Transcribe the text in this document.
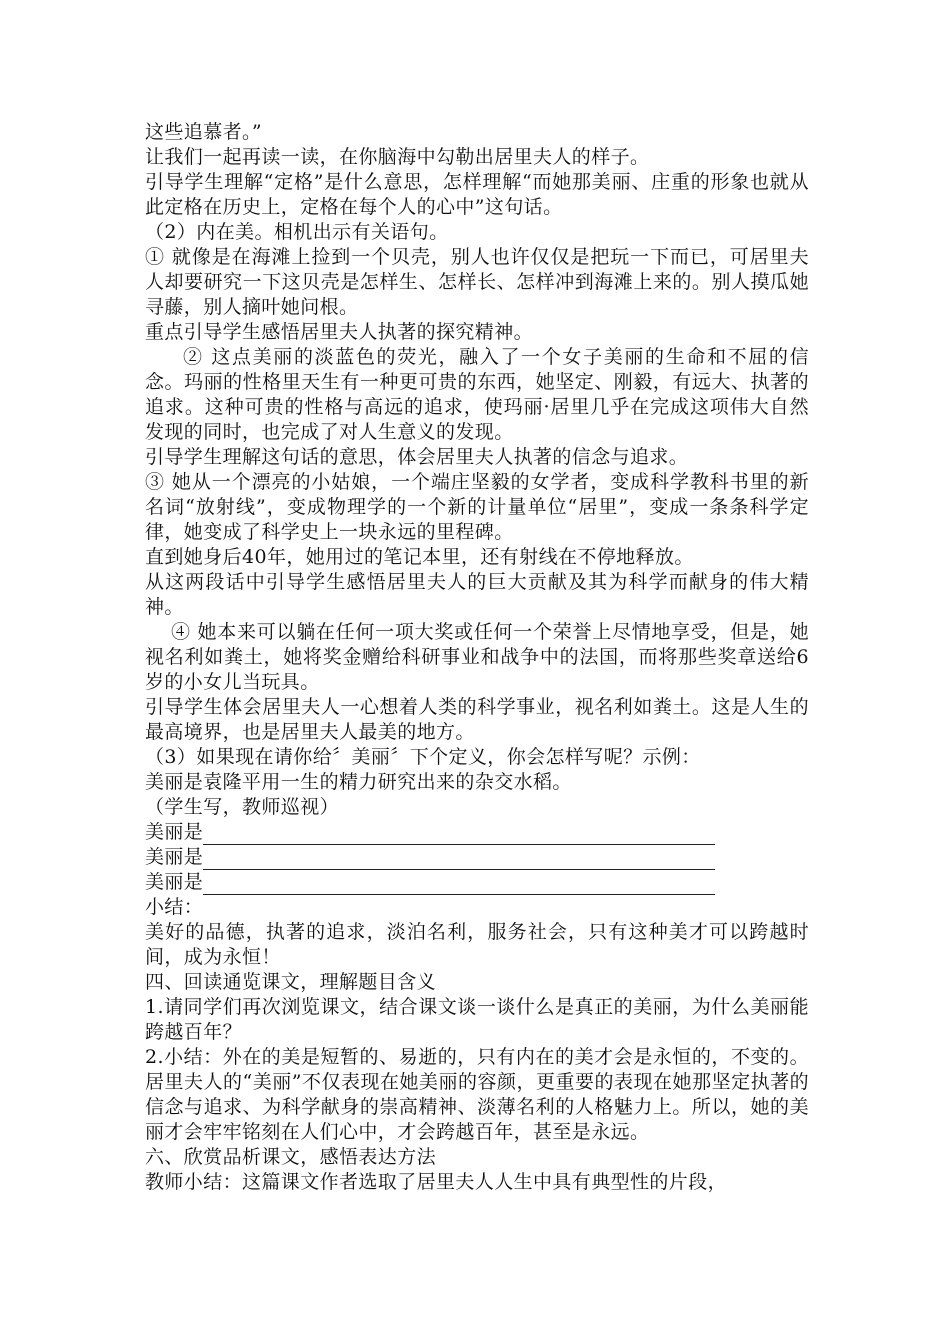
这些追慕者。”

让我们一起再读一读，在你脑海中勾勒出居里夫人的样子。

引导学生理解“定格”是什么意思，怎样理解“而她那美丽、庄重的形象也就从此定格在历史上，定格在每个人的心中”这句话。

（2）内在美。相机出示有关语句。

① 就像是在海滩上捡到一个贝壳，别人也许仅仅是把玩一下而已，可居里夫人却要研究一下这贝壳是怎样生、怎样长、怎样冲到海滩上来的。别人摸瓜她寻藤，别人摘叶她问根。

重点引导学生感悟居里夫人执著的探究精神。

② 这点美丽的淡蓝色的荧光，融入了一个女子美丽的生命和不屈的信念。玛丽的性格里天生有一种更可贵的东西，她坚定、刚毅，有远大、执著的追求。这种可贵的性格与高远的追求，使玛丽·居里几乎在完成这项伟大自然发现的同时，也完成了对人生意义的发现。

引导学生理解这句话的意思，体会居里夫人执著的信念与追求。

③ 她从一个漂亮的小姑娘，一个端庄坚毅的女学者，变成科学教科书里的新名词“放射线”，变成物理学的一个新的计量单位“居里”，变成一条条科学定律，她变成了科学史上一块永远的里程碑。

直到她身后40年，她用过的笔记本里，还有射线在不停地释放。

从这两段话中引导学生感悟居里夫人的巨大贡献及其为科学而献身的伟大精神。

④ 她本来可以躺在任何一项大奖或任何一个荣誉上尽情地享受，但是，她视名利如粪土，她将奖金赠给科研事业和战争中的法国，而将那些奖章送给6岁的小女儿当玩具。

引导学生体会居里夫人一心想着人类的科学事业，视名利如粪土。这是人生的最高境界，也是居里夫人最美的地方。

（3）如果现在请你给〞美丽〞下个定义，你会怎样写呢？示例：

美丽是袁隆平用一生的精力研究出来的杂交水稻。

（学生写，教师巡视）

美丽是
美丽是
美丽是

小结：

美好的品德，执著的追求，淡泊名利，服务社会，只有这种美才可以跨越时间，成为永恒！

四、回读通览课文，理解题目含义

1.请同学们再次浏览课文，结合课文谈一谈什么是真正的美丽，为什么美丽能跨越百年？

2.小结：外在的美是短暂的、易逝的，只有内在的美才会是永恒的，不变的。居里夫人的“美丽”不仅表现在她美丽的容颜，更重要的表现在她那坚定执著的信念与追求、为科学献身的崇高精神、淡薄名利的人格魅力上。所以，她的美丽才会牢牢铭刻在人们心中，才会跨越百年，甚至是永远。

六、欣赏品析课文，感悟表达方法

教师小结：这篇课文作者选取了居里夫人人生中具有典型性的片段，
